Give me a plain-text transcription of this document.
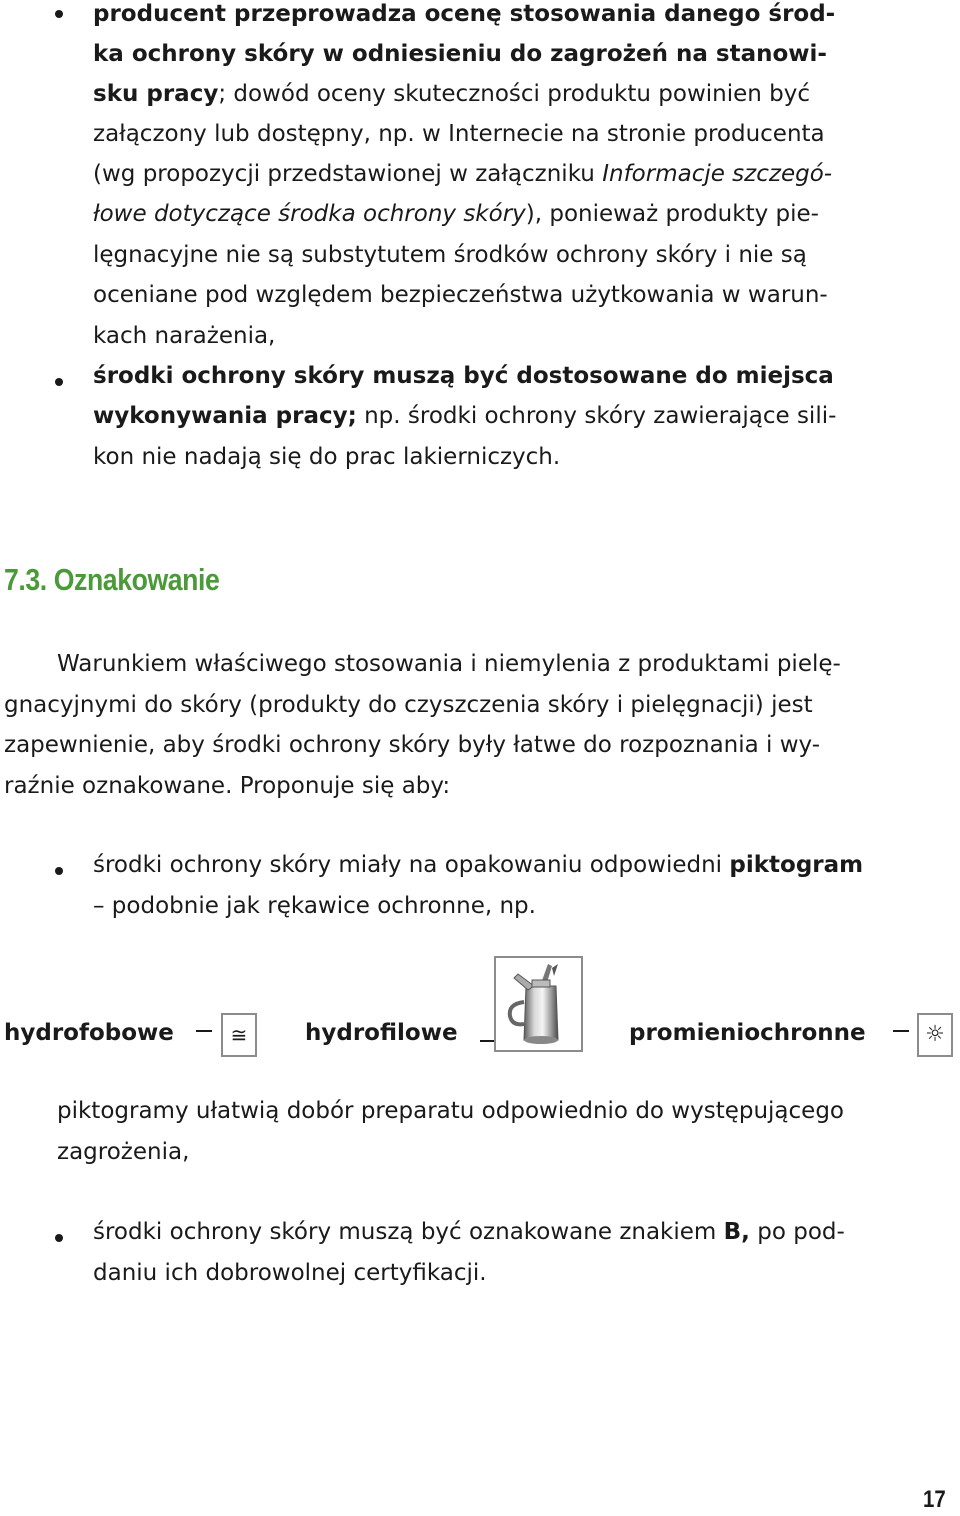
producent przeprowadza ocenę stosowania danego środ-
ka ochrony skóry w odniesieniu do zagrożeń na stanowi-
sku pracy; dowód oceny skuteczności produktu powinien być
załączony lub dostępny, np. w Internecie na stronie producenta
(wg propozycji przedstawionej w załączniku Informacje szczegó-
łowe dotyczące środka ochrony skóry), ponieważ produkty pie-
lęgnacyjne nie są substytutem środków ochrony skóry i nie są
oceniane pod względem bezpieczeństwa użytkowania w warun-
kach narażenia,
środki ochrony skóry muszą być dostosowane do miejsca
wykonywania pracy; np. środki ochrony skóry zawierające sili-
kon nie nadają się do prac lakierniczych.
7.3. Oznakowanie
Warunkiem właściwego stosowania i niemylenia z produktami pielę-
gnacyjnymi do skóry (produkty do czyszczenia skóry i pielęgnacji) jest
zapewnienie, aby środki ochrony skóry były łatwe do rozpoznania i wy-
raźnie oznakowane. Proponuje się aby:
środki ochrony skóry miały na opakowaniu odpowiedni piktogram
– podobnie jak rękawice ochronne, np.
hydrofobowe	≅	hydrofilowe	promieniochronne	☼
piktogramy ułatwią dobór preparatu odpowiednio do występującego
zagrożenia,
środki ochrony skóry muszą być oznakowane znakiem B, po pod-
daniu ich dobrowolnej certyfikacji.
17
